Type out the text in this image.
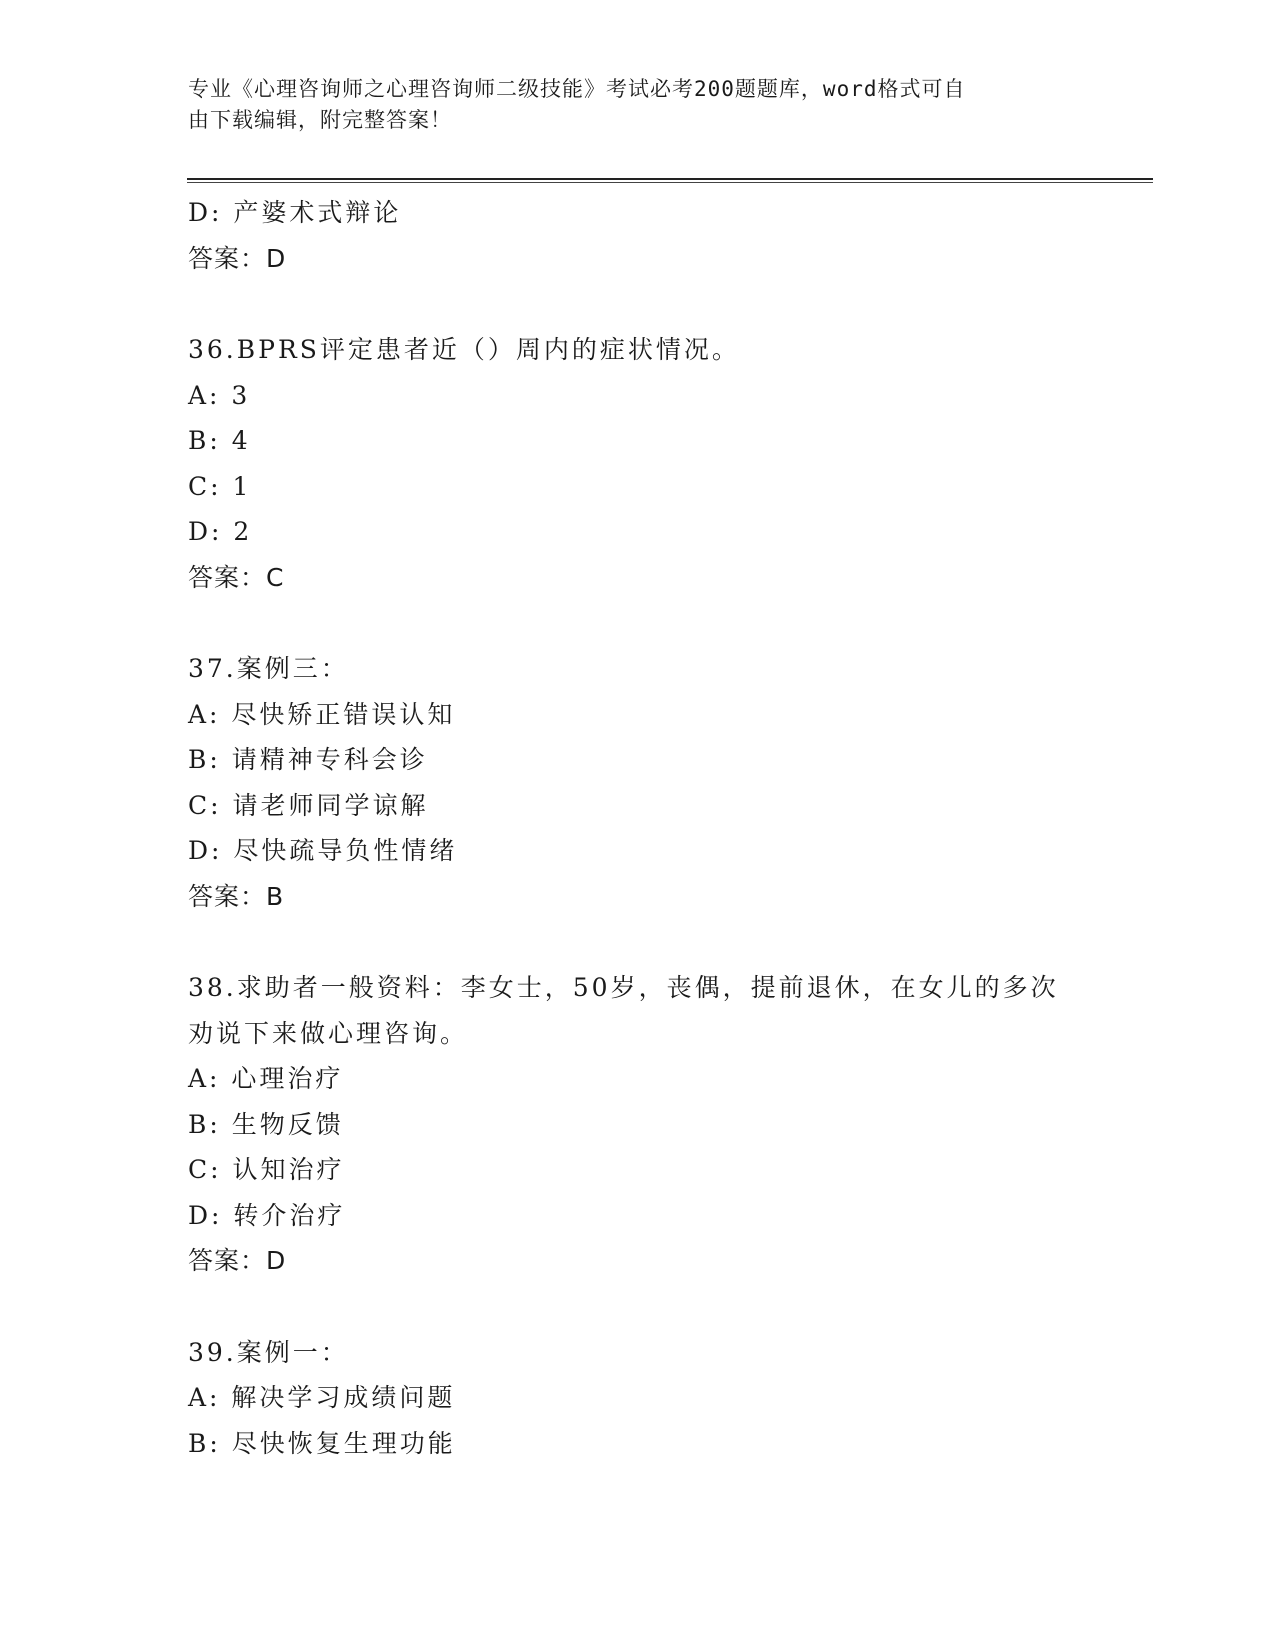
专业《心理咨询师之心理咨询师二级技能》考试必考200题题库，word格式可自
由下载编辑，附完整答案！
D: 产婆术式辩论
答案：D
36.BPRS评定患者近（）周内的症状情况。
A: 3
B: 4
C: 1
D: 2
答案：C
37.案例三：
A: 尽快矫正错误认知
B: 请精神专科会诊
C: 请老师同学谅解
D: 尽快疏导负性情绪
答案：B
38.求助者一般资料：李女士，50岁，丧偶，提前退休，在女儿的多次
劝说下来做心理咨询。
A: 心理治疗
B: 生物反馈
C: 认知治疗
D: 转介治疗
答案：D
39.案例一：
A: 解决学习成绩问题
B: 尽快恢复生理功能
